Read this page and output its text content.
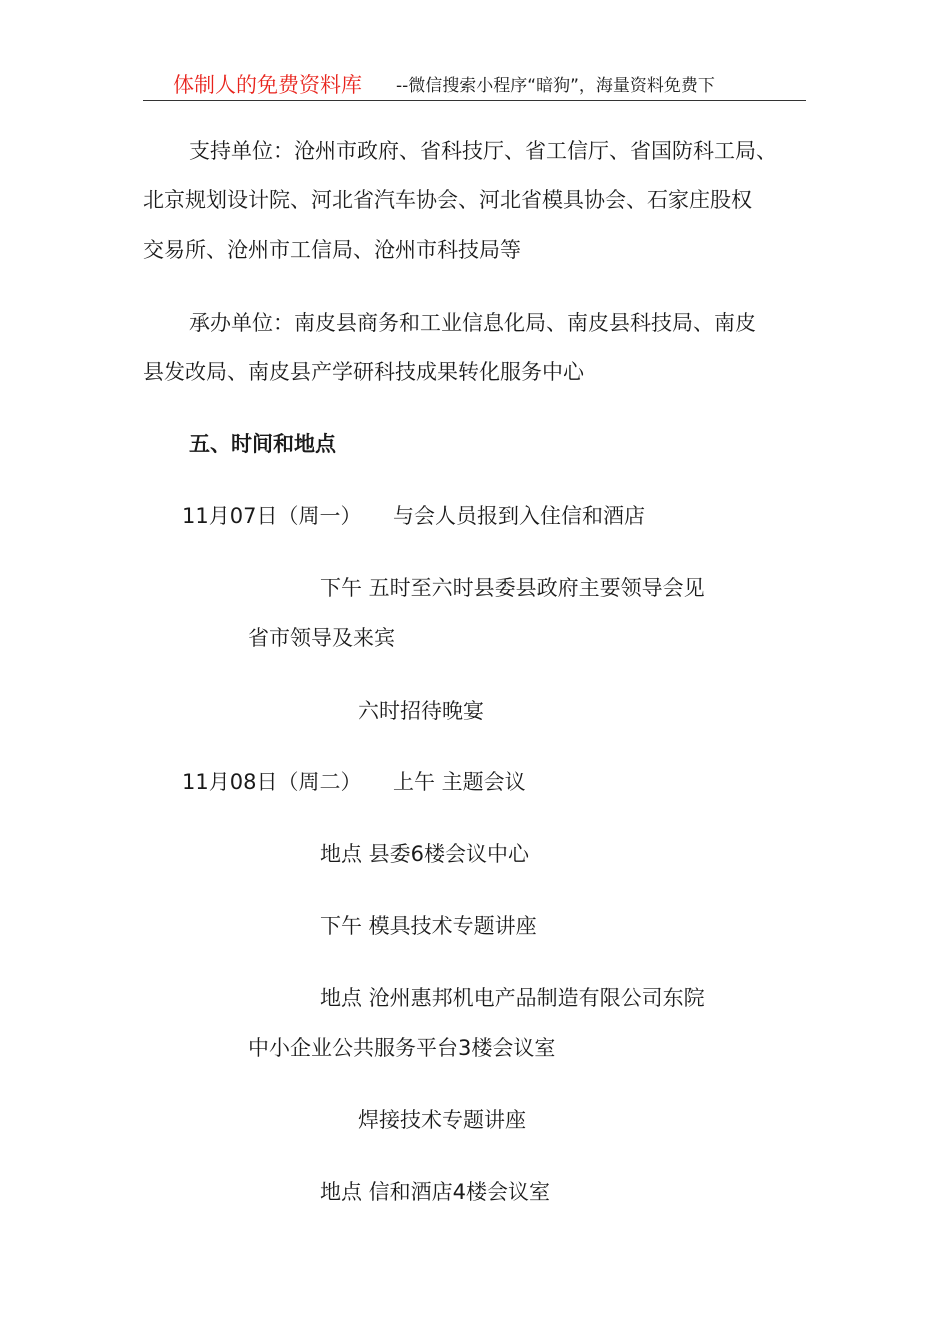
体制人的免费资料库 --微信搜索小程序“暗狗”，海量资料免费下
支持单位：沧州市政府、省科技厅、省工信厅、省国防科工局、
北京规划设计院、河北省汽车协会、河北省模具协会、石家庄股权
交易所、沧州市工信局、沧州市科技局等
承办单位：南皮县商务和工业信息化局、南皮县科技局、南皮
县发改局、南皮县产学研科技成果转化服务中心
五、时间和地点
11月07日（周一） 与会人员报到入住信和酒店
下午 五时至六时县委县政府主要领导会见
省市领导及来宾
六时招待晚宴
11月08日（周二） 上午 主题会议
地点 县委6楼会议中心
下午 模具技术专题讲座
地点 沧州惠邦机电产品制造有限公司东院
中小企业公共服务平台3楼会议室
焊接技术专题讲座
地点 信和酒店4楼会议室
